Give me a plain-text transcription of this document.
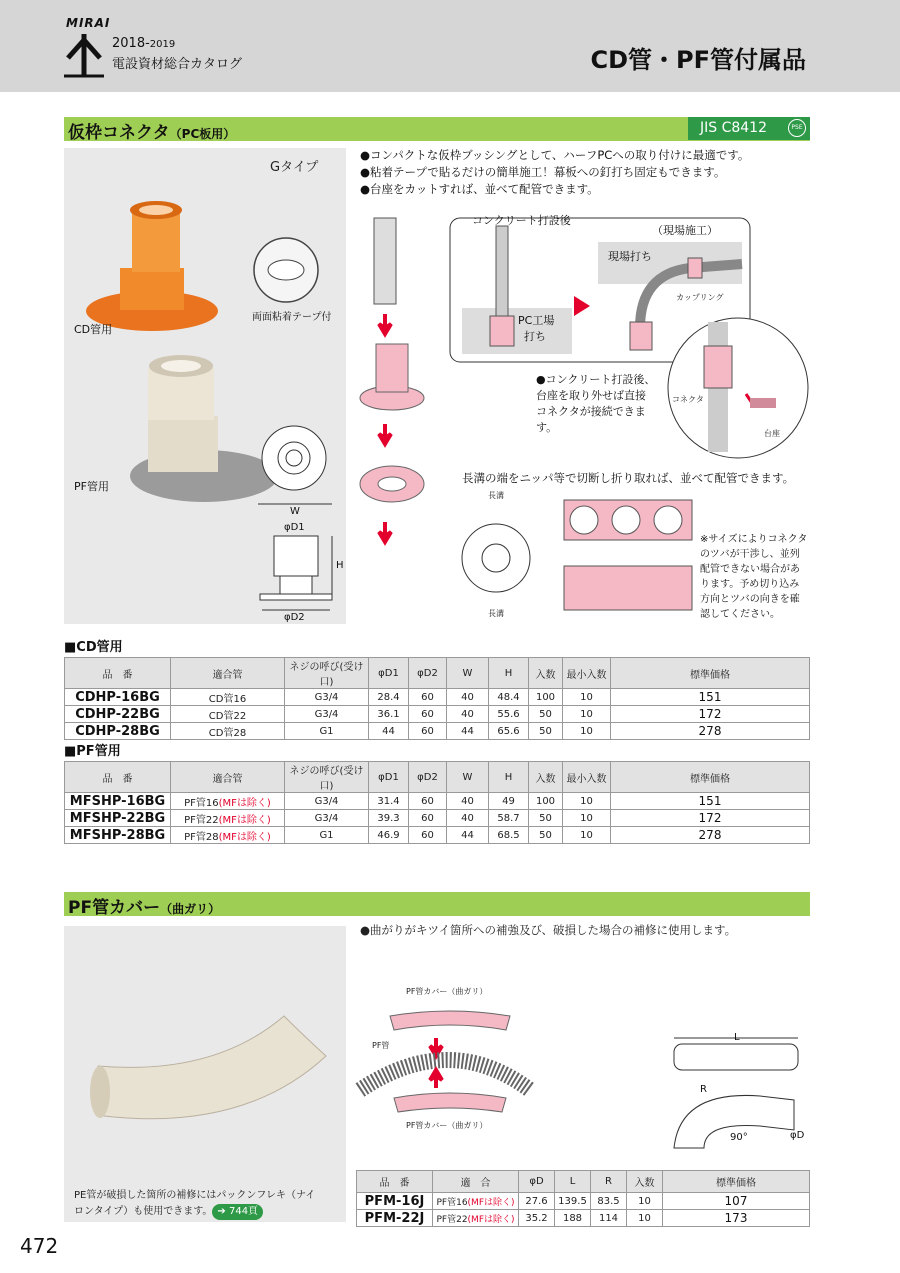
MIRAI
2018-2019
電設資材総合カタログ	CD管・PF管付属品
仮枠コネクタ（PC板用）	JIS C8412	PSE
Gタイプ
CD管用
両面粘着テープ付
PF管用
W
φD1
H
φD2
●コンパクトな仮枠ブッシングとして、ハーフPCへの取り付けに最適です。
●粘着テープで貼るだけの簡単施工！幕板への釘打ち固定もできます。
●台座をカットすれば、並べて配管できます。
コンクリート打設後
（現場施工）
現場打ち
カップリング
PC工場
打ち
コネクタ
台座
●コンクリート打設後、
台座を取り外せば直接
コネクタが接続できま
す。
長溝の端をニッパ等で切断し折り取れば、並べて配管できます。
長溝
長溝
※サイズによりコネクタ
のツバが干渉し、並列
配管できない場合があ
ります。予め切り込み
方向とツバの向きを確
認してください。
■CD管用
品　番	適合管	ネジの呼び(受け口)	φD1	φD2	W	H	入数	最小入数	標準価格
CDHP-16BG	CD管16	G3/4	28.4	60	40	48.4	100	10	151
CDHP-22BG	CD管22	G3/4	36.1	60	40	55.6	50	10	172
CDHP-28BG	CD管28	G1	44	60	44	65.6	50	10	278
■PF管用
品　番	適合管	ネジの呼び(受け口)	φD1	φD2	W	H	入数	最小入数	標準価格
MFSHP-16BG	PF管16(MFは除く)	G3/4	31.4	60	40	49	100	10	151
MFSHP-22BG	PF管22(MFは除く)	G3/4	39.3	60	40	58.7	50	10	172
MFSHP-28BG	PF管28(MFは除く)	G1	46.9	60	44	68.5	50	10	278
PF管カバー（曲ガリ）
PE管が破損した箇所の補修にはパックンフレキ（ナイ
ロンタイプ）も使用できます。 ➔ 744頁
●曲がりがキツイ箇所への補強及び、破損した場合の補修に使用します。
PF管カバー（曲ガリ）
PF管
PF管カバー（曲ガリ）
L
R
90°	φD
品　番	適　合	φD	L	R	入数	標準価格
PFM-16J	PF管16(MFは除く)	27.6	139.5	83.5	10	107
PFM-22J	PF管22(MFは除く)	35.2	188	114	10	173
472
